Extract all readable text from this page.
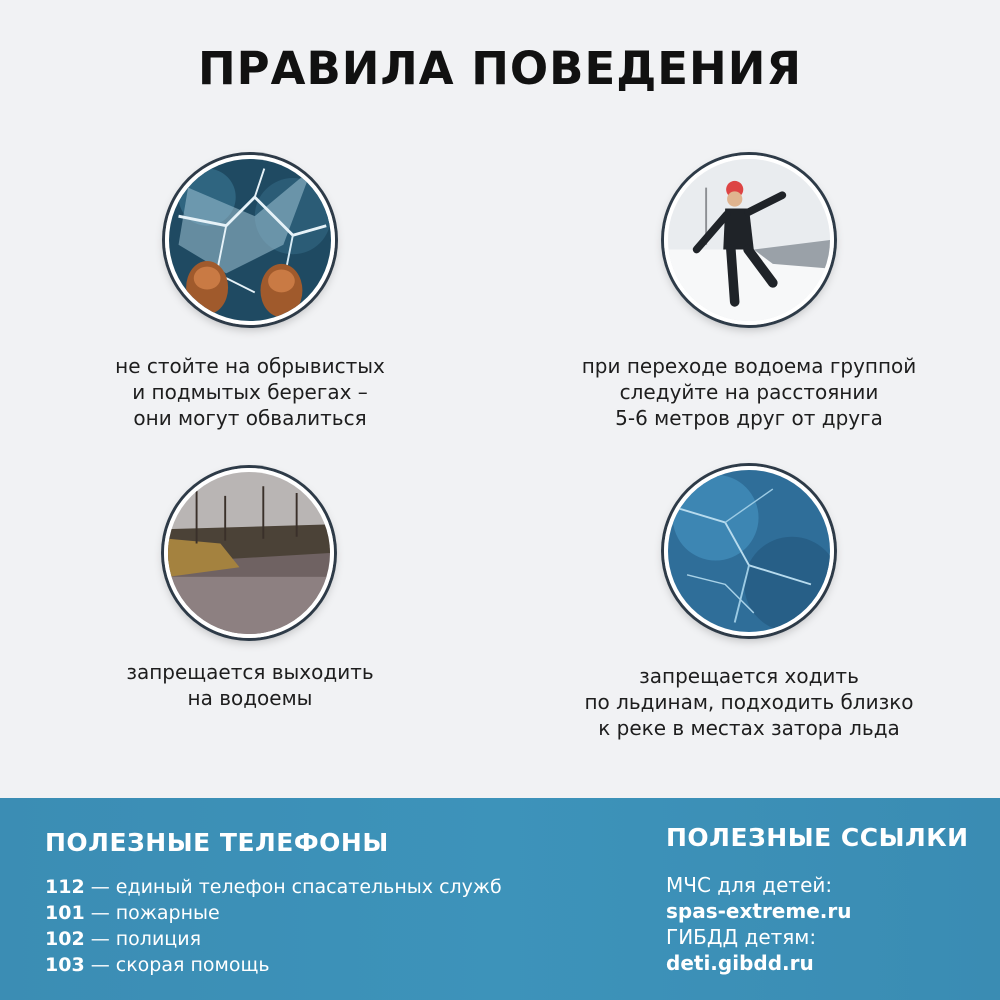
ПРАВИЛА ПОВЕДЕНИЯ
не стойте на обрывистых
и подмытых берегах –
они могут обвалиться
при переходе водоема группой
следуйте на расстоянии
5-6 метров друг от друга
запрещается выходить
на водоемы
запрещается ходить
по льдинам, подходить близко
к реке в местах затора льда
ПОЛЕЗНЫЕ ТЕЛЕФОНЫ
112 — единый телефон спасательных служб
101 — пожарные
102 — полиция
103 — скорая помощь
ПОЛЕЗНЫЕ ССЫЛКИ
МЧС для детей:
spas-extreme.ru
ГИБДД детям:
deti.gibdd.ru
